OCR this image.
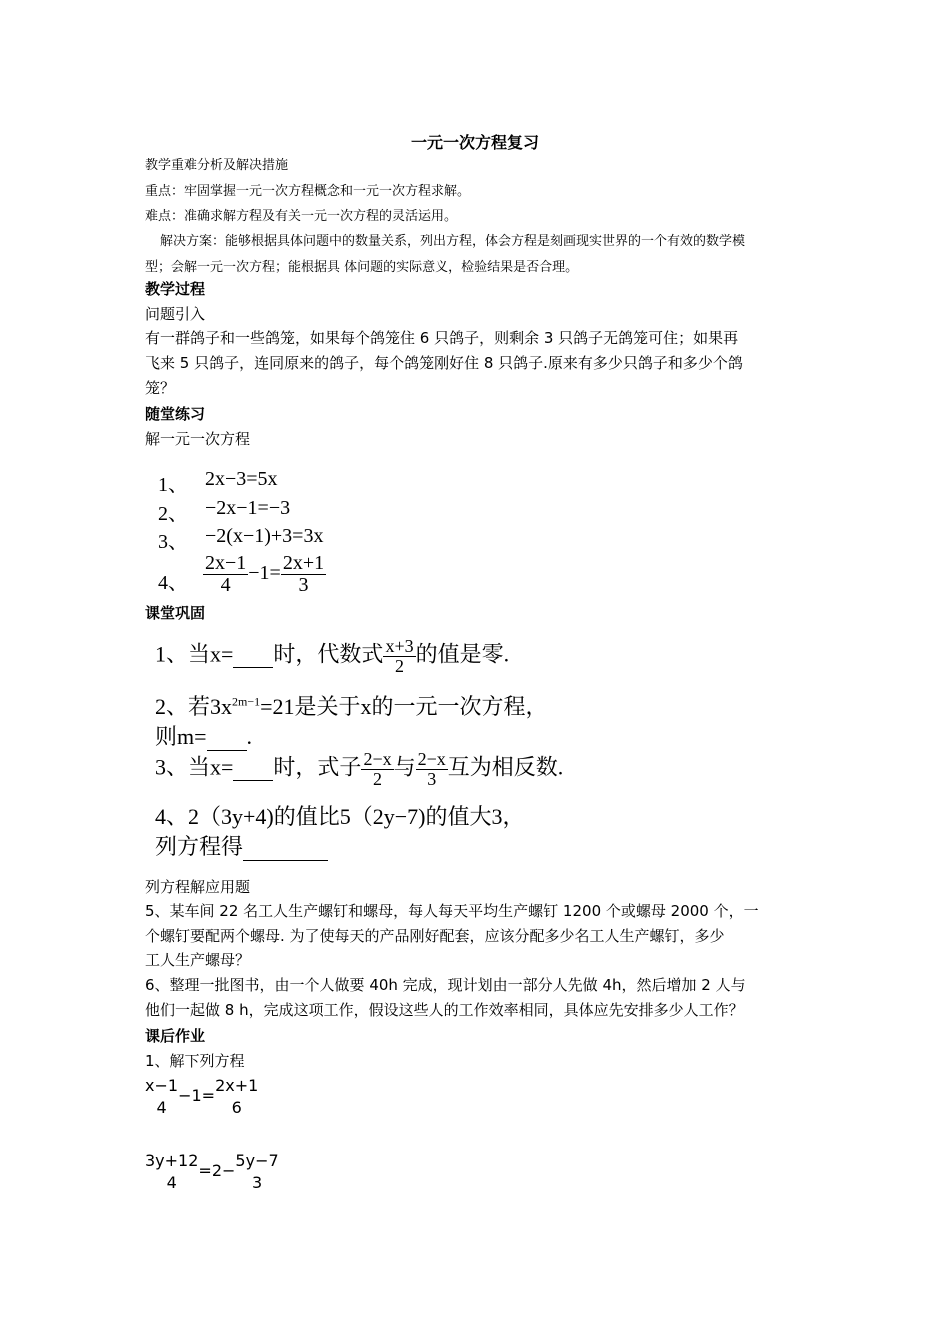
一元一次方程复习
教学重难分析及解决措施
重点：牢固掌握一元一次方程概念和一元一次方程求解。
难点：准确求解方程及有关一元一次方程的灵活运用。
解决方案：能够根据具体问题中的数量关系，列出方程，体会方程是刻画现实世界的一个有效的数学模
型；会解一元一次方程；能根据具 体问题的实际意义，检验结果是否合理。
教学过程
问题引入
有一群鸽子和一些鸽笼，如果每个鸽笼住 6 只鸽子，则剩余 3 只鸽子无鸽笼可住；如果再
飞来 5 只鸽子，连同原来的鸽子，每个鸽笼刚好住 8 只鸽子.原来有多少只鸽子和多少个鸽
笼？
随堂练习
解一元一次方程
1、 2x−3=5x
2、 −2x−1=−3
3、 −2(x−1)+3=3x
4、 $\frac{2x-1}{4} -1= \frac{2x+1}{3}$
课堂巩固
1、当x= 时，代数式 $\frac{x+3}{2}$ 的值是零.
2、若$3x^{2m-1}=21$是关于x的一元一次方程，
则m= .
3、当x= 时，式子 $\frac{2-x}{2}$ 与 $\frac{2-x}{3}$ 互为相反数.
4、2（3y+4)的值比5（2y−7)的值大3，
列方程得
列方程解应用题
5、某车间 22 名工人生产螺钉和螺母，每人每天平均生产螺钉 1200 个或螺母 2000 个，一
个螺钉要配两个螺母. 为了使每天的产品刚好配套，应该分配多少名工人生产螺钉，多少
工人生产螺母？
6、整理一批图书，由一个人做要 40h 完成，现计划由一部分人先做 4h，然后增加 2 人与
他们一起做 8 h，完成这项工作，假设这些人的工作效率相同，具体应先安排多少人工作？
课后作业
1、解下列方程
x−1
4
−1=
2x+1
6
3y+12
4
=2−
5y−7
3
